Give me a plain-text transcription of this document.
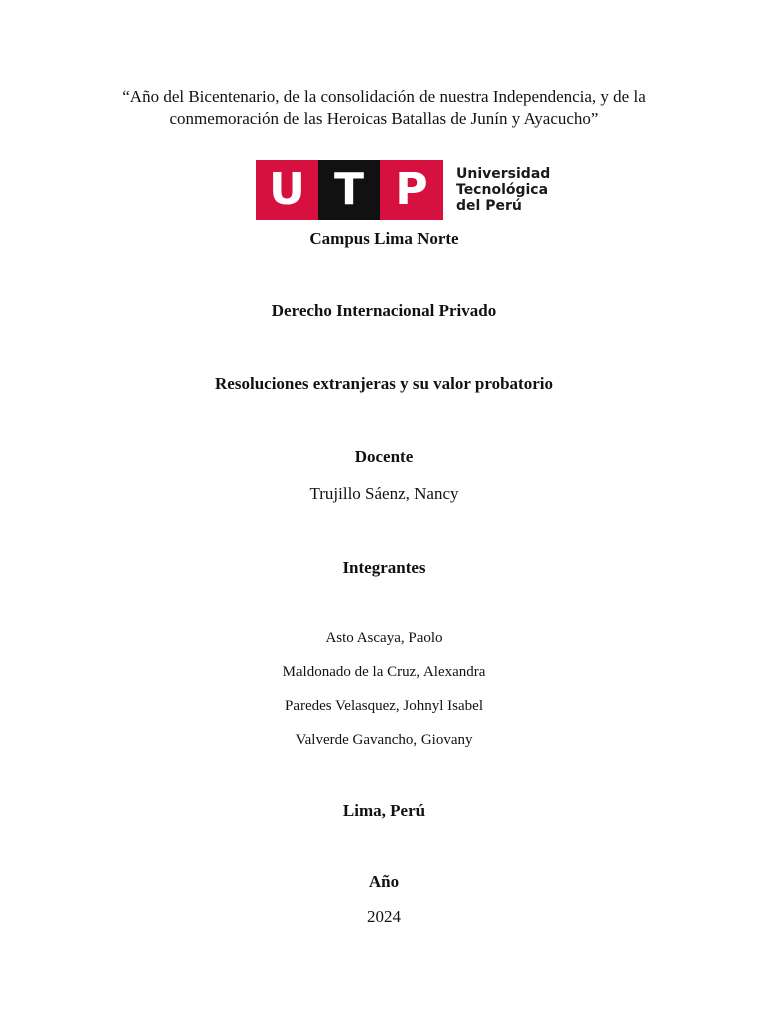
“Año del Bicentenario, de la consolidación de nuestra Independencia, y de la
conmemoración de las Heroicas Batallas de Junín y Ayacucho”
U T P	Universidad
Tecnológica
del Perú
Campus Lima Norte
Derecho Internacional Privado
Resoluciones extranjeras y su valor probatorio
Docente
Trujillo Sáenz, Nancy
Integrantes
Asto Ascaya, Paolo
Maldonado de la Cruz, Alexandra
Paredes Velasquez, Johnyl Isabel
Valverde Gavancho, Giovany
Lima, Perú
Año
2024
